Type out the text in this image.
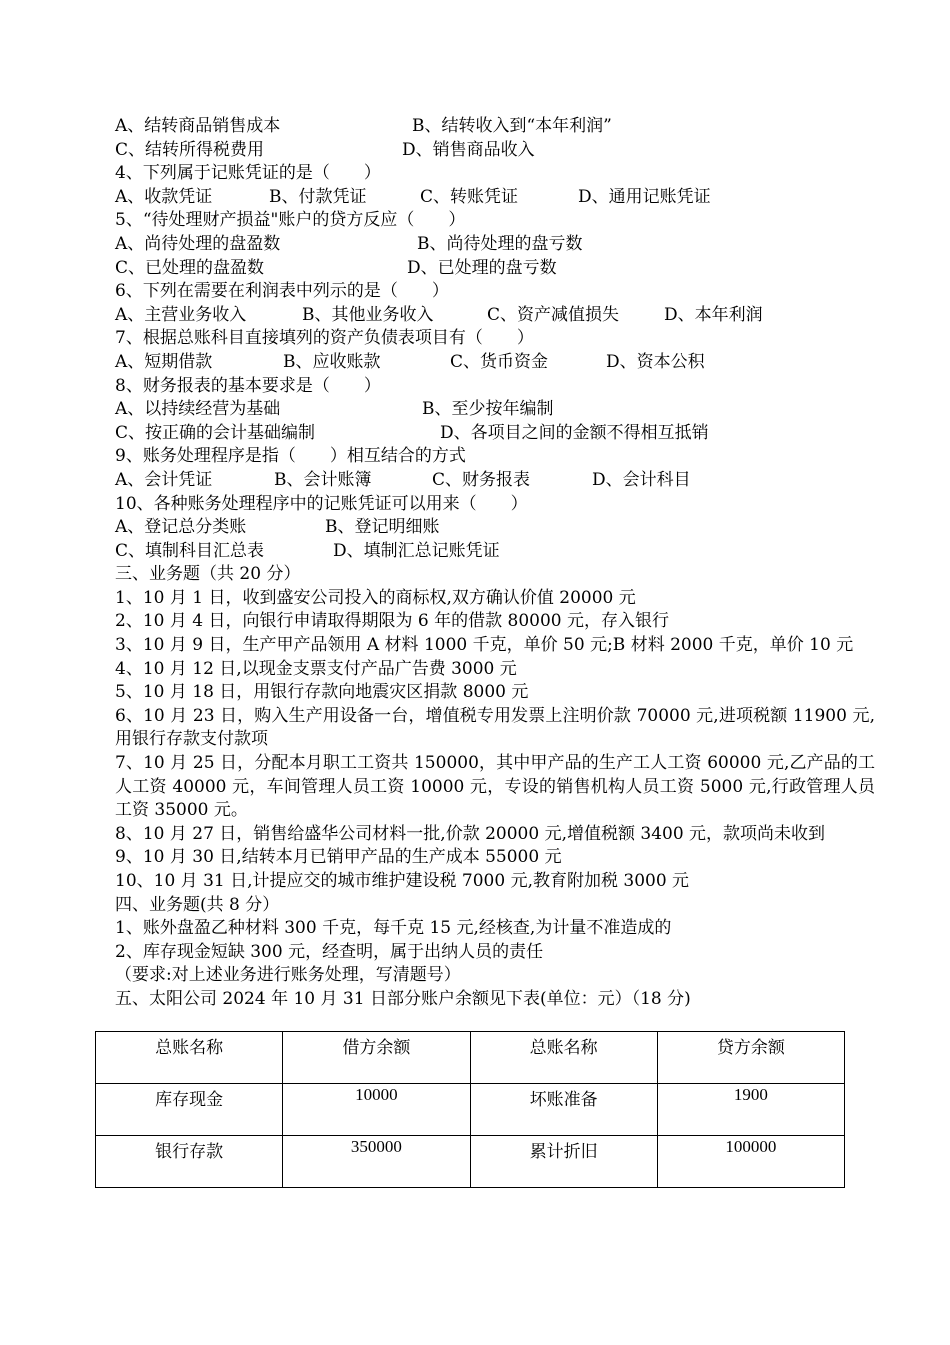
A、结转商品销售成本	B、结转收入到“本年利润”
C、结转所得税费用	D、销售商品收入
4、下列属于记账凭证的是（　　）
A、收款凭证	B、付款凭证	C、转账凭证	D、通用记账凭证
5、“待处理财产损益"账户的贷方反应（　　）
A、尚待处理的盘盈数	B、尚待处理的盘亏数
C、已处理的盘盈数	D、已处理的盘亏数
6、下列在需要在利润表中列示的是（　　）
A、主营业务收入	B、其他业务收入	C、资产减值损失	D、本年利润
7、根据总账科目直接填列的资产负债表项目有（　　）
A、短期借款	B、应收账款	C、货币资金	D、资本公积
8、财务报表的基本要求是（　　）
A、以持续经营为基础	B、至少按年编制
C、按正确的会计基础编制	D、各项目之间的金额不得相互抵销
9、账务处理程序是指（　　）相互结合的方式
A、会计凭证	B、会计账簿	C、财务报表	D、会计科目
10、各种账务处理程序中的记账凭证可以用来（　　）
A、登记总分类账	B、登记明细账
C、填制科目汇总表	D、填制汇总记账凭证
三、业务题（共 20 分）
1、10 月 1 日，收到盛安公司投入的商标权,双方确认价值 20000 元
2、10 月 4 日，向银行申请取得期限为 6 年的借款 80000 元，存入银行
3、10 月 9 日，生产甲产品领用 A 材料 1000 千克，单价 50 元;B 材料 2000 千克，单价 10 元
4、10 月 12 日,以现金支票支付产品广告费 3000 元
5、10 月 18 日，用银行存款向地震灾区捐款 8000 元
6、10 月 23 日，购入生产用设备一台，增值税专用发票上注明价款 70000 元,进项税额 11900 元,用银行存款支付款项
7、10 月 25 日，分配本月职工工资共 150000，其中甲产品的生产工人工资 60000 元,乙产品的工人工资 40000 元，车间管理人员工资 10000 元，专设的销售机构人员工资 5000 元,行政管理人员工资 35000 元。
8、10 月 27 日，销售给盛华公司材料一批,价款 20000 元,增值税额 3400 元，款项尚未收到
9、10 月 30 日,结转本月已销甲产品的生产成本 55000 元
10、10 月 31 日,计提应交的城市维护建设税 7000 元,教育附加税 3000 元
四、业务题(共 8 分）
1、账外盘盈乙种材料 300 千克，每千克 15 元,经核查,为计量不准造成的
2、库存现金短缺 300 元，经查明，属于出纳人员的责任
（要求:对上述业务进行账务处理，写清题号）
五、太阳公司 2024 年 10 月 31 日部分账户余额见下表(单位：元）（18 分)
总账名称	借方余额	总账名称	贷方余额
库存现金	10000	坏账准备	1900
银行存款	350000	累计折旧	100000
